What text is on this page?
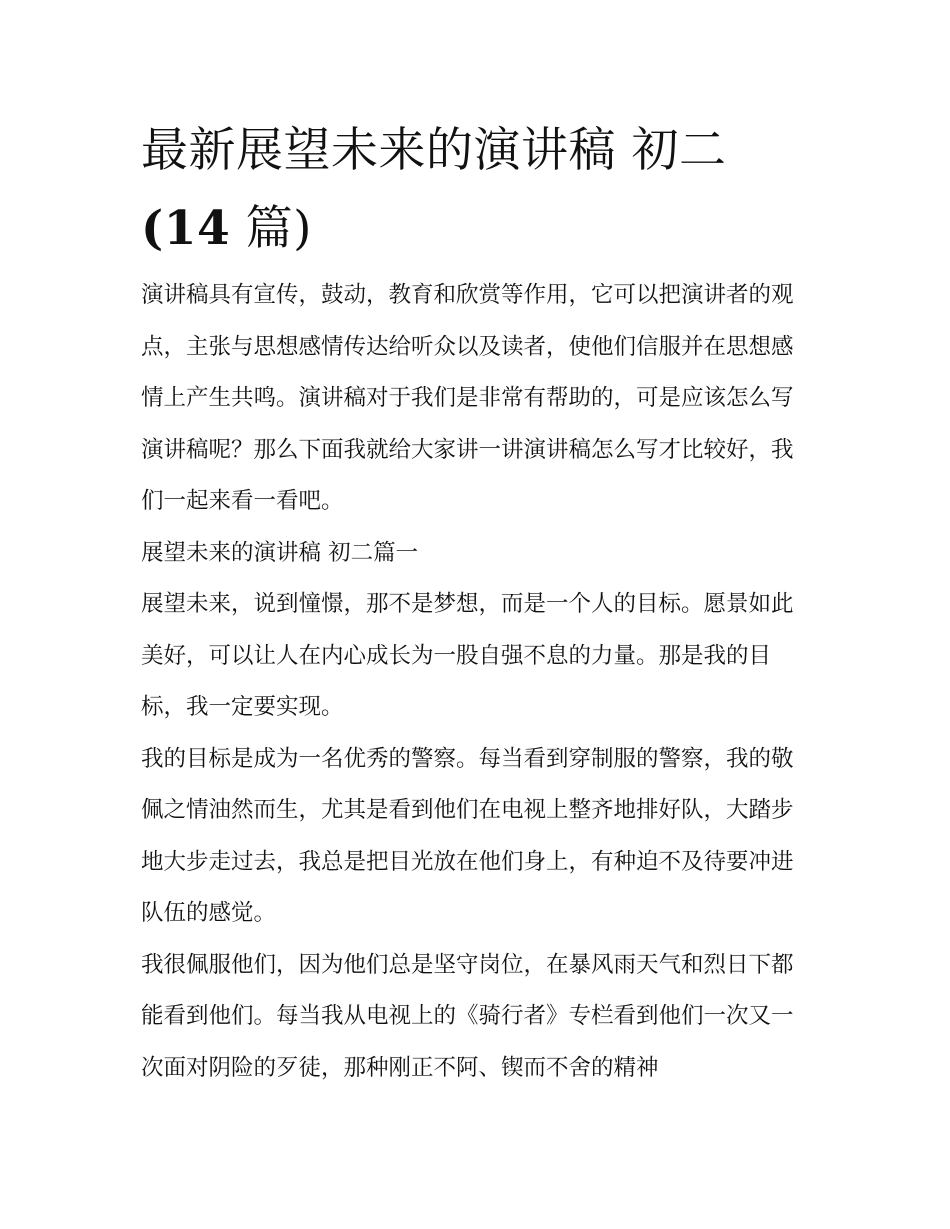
最新展望未来的演讲稿 初二
(14 篇)

演讲稿具有宣传，鼓动，教育和欣赏等作用，它可以把演讲者的观点，主张与思想感情传达给听众以及读者，使他们信服并在思想感情上产生共鸣。演讲稿对于我们是非常有帮助的，可是应该怎么写演讲稿呢？那么下面我就给大家讲一讲演讲稿怎么写才比较好，我们一起来看一看吧。

展望未来的演讲稿 初二篇一

展望未来，说到憧憬，那不是梦想，而是一个人的目标。愿景如此美好，可以让人在内心成长为一股自强不息的力量。那是我的目标，我一定要实现。

我的目标是成为一名优秀的警察。每当看到穿制服的警察，我的敬佩之情油然而生，尤其是看到他们在电视上整齐地排好队，大踏步地大步走过去，我总是把目光放在他们身上，有种迫不及待要冲进队伍的感觉。

我很佩服他们，因为他们总是坚守岗位，在暴风雨天气和烈日下都能看到他们。每当我从电视上的《骑行者》专栏看到他们一次又一次面对阴险的歹徒，那种刚正不阿、锲而不舍的精神
